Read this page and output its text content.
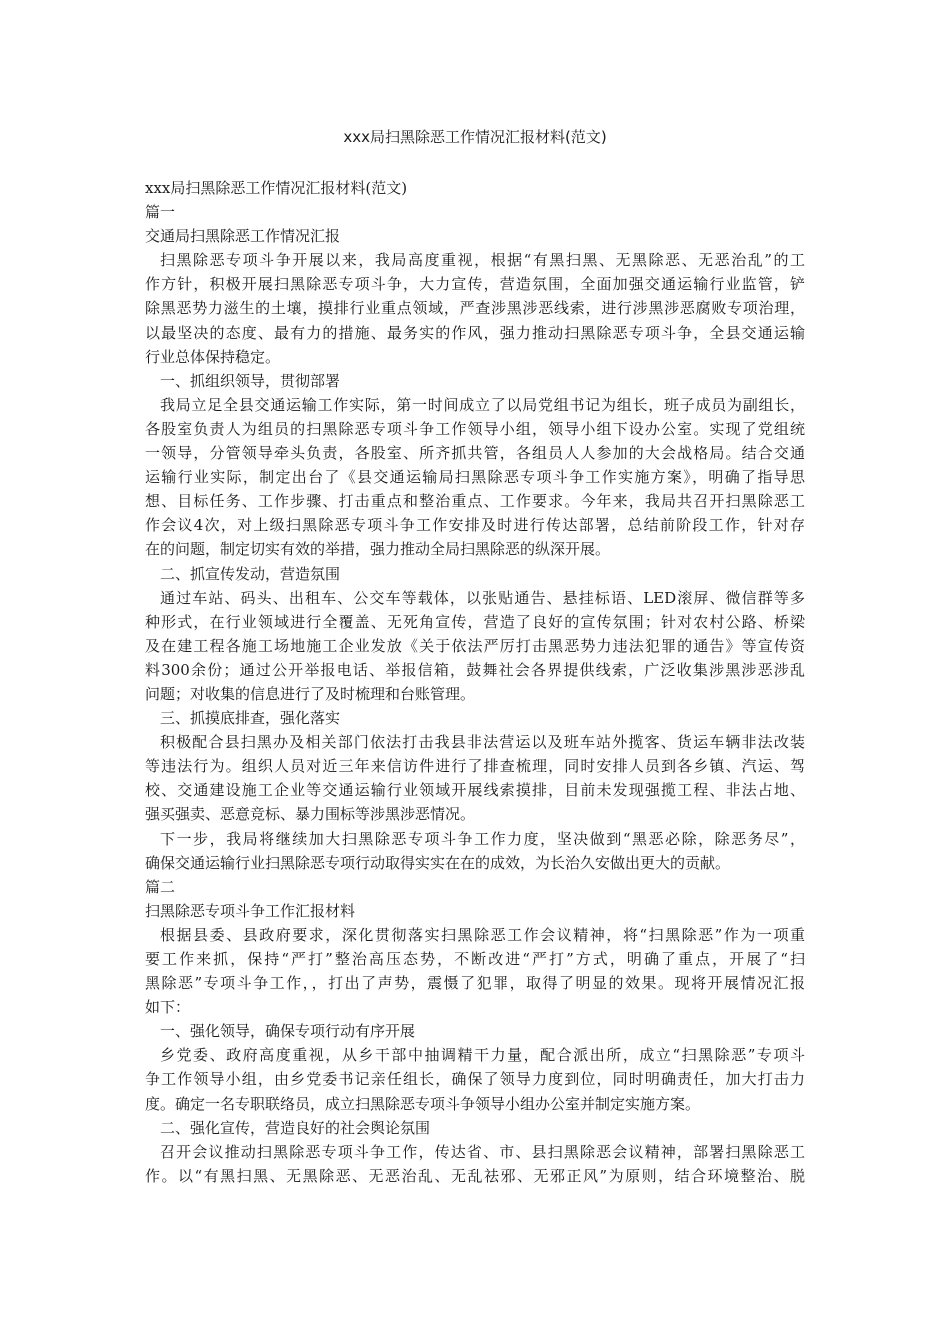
xxx局扫黑除恶工作情况汇报材料(范文)
xxx局扫黑除恶工作情况汇报材料(范文)
篇一
交通局扫黑除恶工作情况汇报
扫黑除恶专项斗争开展以来，我局高度重视，根据“有黑扫黑、无黑除恶、无恶治乱”的工
作方针，积极开展扫黑除恶专项斗争，大力宣传，营造氛围，全面加强交通运输行业监管，铲
除黑恶势力滋生的土壤，摸排行业重点领域，严查涉黑涉恶线索，进行涉黑涉恶腐败专项治理，
以最坚决的态度、最有力的措施、最务实的作风，强力推动扫黑除恶专项斗争，全县交通运输
行业总体保持稳定。
一、抓组织领导，贯彻部署
我局立足全县交通运输工作实际，第一时间成立了以局党组书记为组长，班子成员为副组长，
各股室负责人为组员的扫黑除恶专项斗争工作领导小组，领导小组下设办公室。实现了党组统
一领导，分管领导牵头负责，各股室、所齐抓共管，各组员人人参加的大会战格局。结合交通
运输行业实际，制定出台了《县交通运输局扫黑除恶专项斗争工作实施方案》，明确了指导思
想、目标任务、工作步骤、打击重点和整治重点、工作要求。今年来，我局共召开扫黑除恶工
作会议4次，对上级扫黑除恶专项斗争工作安排及时进行传达部署，总结前阶段工作，针对存
在的问题，制定切实有效的举措，强力推动全局扫黑除恶的纵深开展。
二、抓宣传发动，营造氛围
通过车站、码头、出租车、公交车等载体，以张贴通告、悬挂标语、LED滚屏、微信群等多
种形式，在行业领域进行全覆盖、无死角宣传，营造了良好的宣传氛围；针对农村公路、桥梁
及在建工程各施工场地施工企业发放《关于依法严厉打击黑恶势力违法犯罪的通告》等宣传资
料300余份；通过公开举报电话、举报信箱，鼓舞社会各界提供线索，广泛收集涉黑涉恶涉乱
问题；对收集的信息进行了及时梳理和台账管理。
三、抓摸底排查，强化落实
积极配合县扫黑办及相关部门依法打击我县非法营运以及班车站外揽客、货运车辆非法改装
等违法行为。组织人员对近三年来信访件进行了排查梳理，同时安排人员到各乡镇、汽运、驾
校、交通建设施工企业等交通运输行业领域开展线索摸排，目前未发现强揽工程、非法占地、
强买强卖、恶意竞标、暴力围标等涉黑涉恶情况。
下一步，我局将继续加大扫黑除恶专项斗争工作力度，坚决做到“黑恶必除，除恶务尽”，
确保交通运输行业扫黑除恶专项行动取得实实在在的成效，为长治久安做出更大的贡献。
篇二
扫黑除恶专项斗争工作汇报材料
根据县委、县政府要求，深化贯彻落实扫黑除恶工作会议精神，将“扫黑除恶”作为一项重
要工作来抓，保持“严打”整治高压态势，不断改进“严打”方式，明确了重点，开展了“扫
黑除恶”专项斗争工作，，打出了声势，震慑了犯罪，取得了明显的效果。现将开展情况汇报
如下：
一、强化领导，确保专项行动有序开展
乡党委、政府高度重视，从乡干部中抽调精干力量，配合派出所，成立“扫黑除恶”专项斗
争工作领导小组，由乡党委书记亲任组长，确保了领导力度到位，同时明确责任，加大打击力
度。确定一名专职联络员，成立扫黑除恶专项斗争领导小组办公室并制定实施方案。
二、强化宣传，营造良好的社会舆论氛围
召开会议推动扫黑除恶专项斗争工作，传达省、市、县扫黑除恶会议精神，部署扫黑除恶工
作。以“有黑扫黑、无黑除恶、无恶治乱、无乱祛邪、无邪正风”为原则，结合环境整治、脱
